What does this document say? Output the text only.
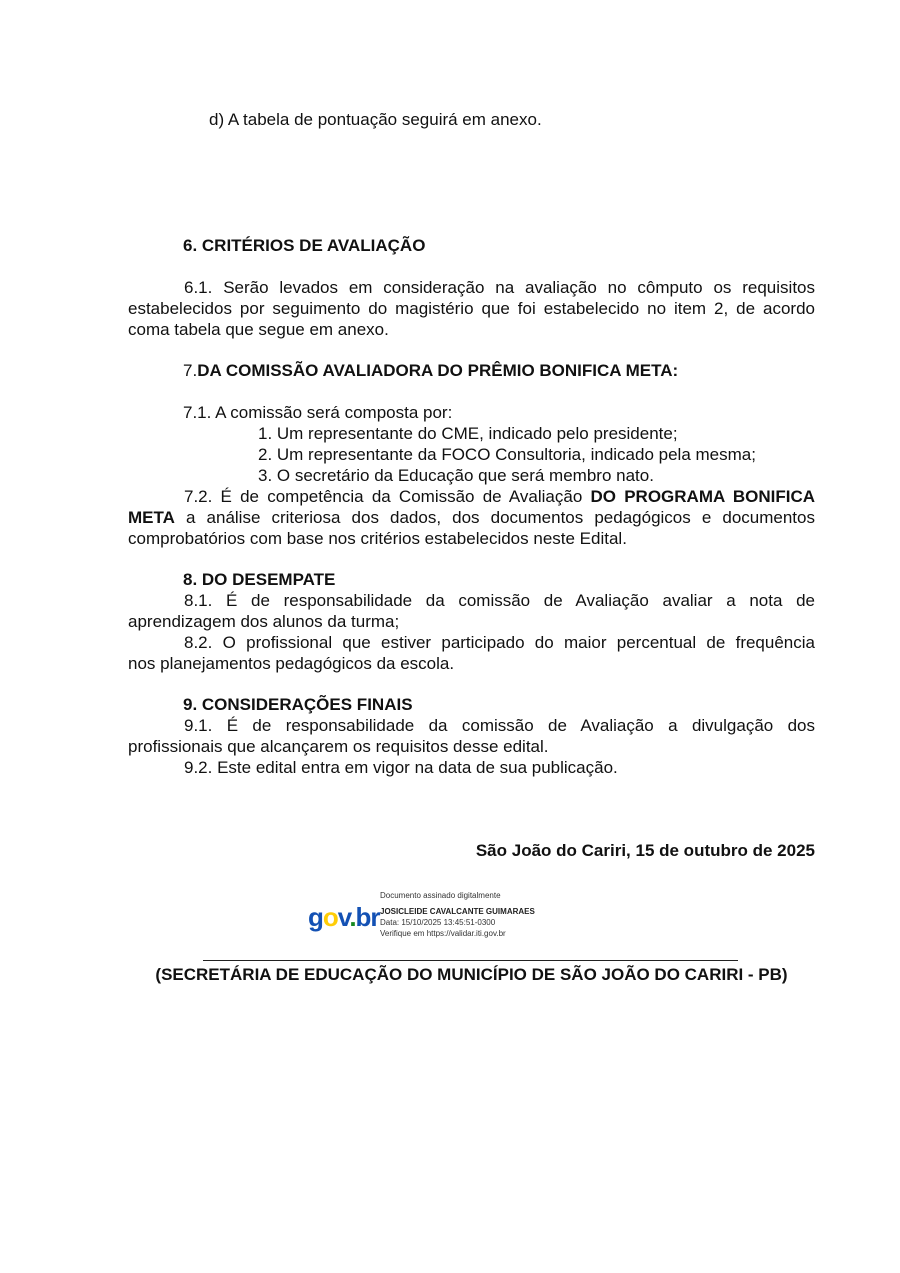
d) A tabela de pontuação seguirá em anexo.
6. CRITÉRIOS DE AVALIAÇÃO
6.1. Serão levados em consideração na avaliação no cômputo os requisitos
estabelecidos por seguimento do magistério que foi estabelecido no item 2, de acordo
coma tabela que segue em anexo.
7.DA COMISSÃO AVALIADORA DO PRÊMIO BONIFICA META:
7.1. A comissão será composta por:
1. Um representante do CME, indicado pelo presidente;
2. Um representante da FOCO Consultoria, indicado pela mesma;
3. O secretário da Educação que será membro nato.
7.2. É de competência da Comissão de Avaliação DO PROGRAMA BONIFICA
META a análise criteriosa dos dados, dos documentos pedagógicos e documentos
comprobatórios com base nos critérios estabelecidos neste Edital.
8. DO DESEMPATE
8.1. É de responsabilidade da comissão de Avaliação avaliar a nota de
aprendizagem dos alunos da turma;
8.2. O profissional que estiver participado do maior percentual de frequência
nos planejamentos pedagógicos da escola.
9. CONSIDERAÇÕES FINAIS
9.1. É de responsabilidade da comissão de Avaliação a divulgação dos
profissionais que alcançarem os requisitos desse edital.
9.2. Este edital entra em vigor na data de sua publicação.
São João do Cariri, 15 de outubro de 2025
gov.br
Documento assinado digitalmente
JOSICLEIDE CAVALCANTE GUIMARAES
Data: 15/10/2025 13:45:51-0300
Verifique em https://validar.iti.gov.br
(SECRETÁRIA DE EDUCAÇÃO DO MUNICÍPIO DE SÃO JOÃO DO CARIRI - PB)
